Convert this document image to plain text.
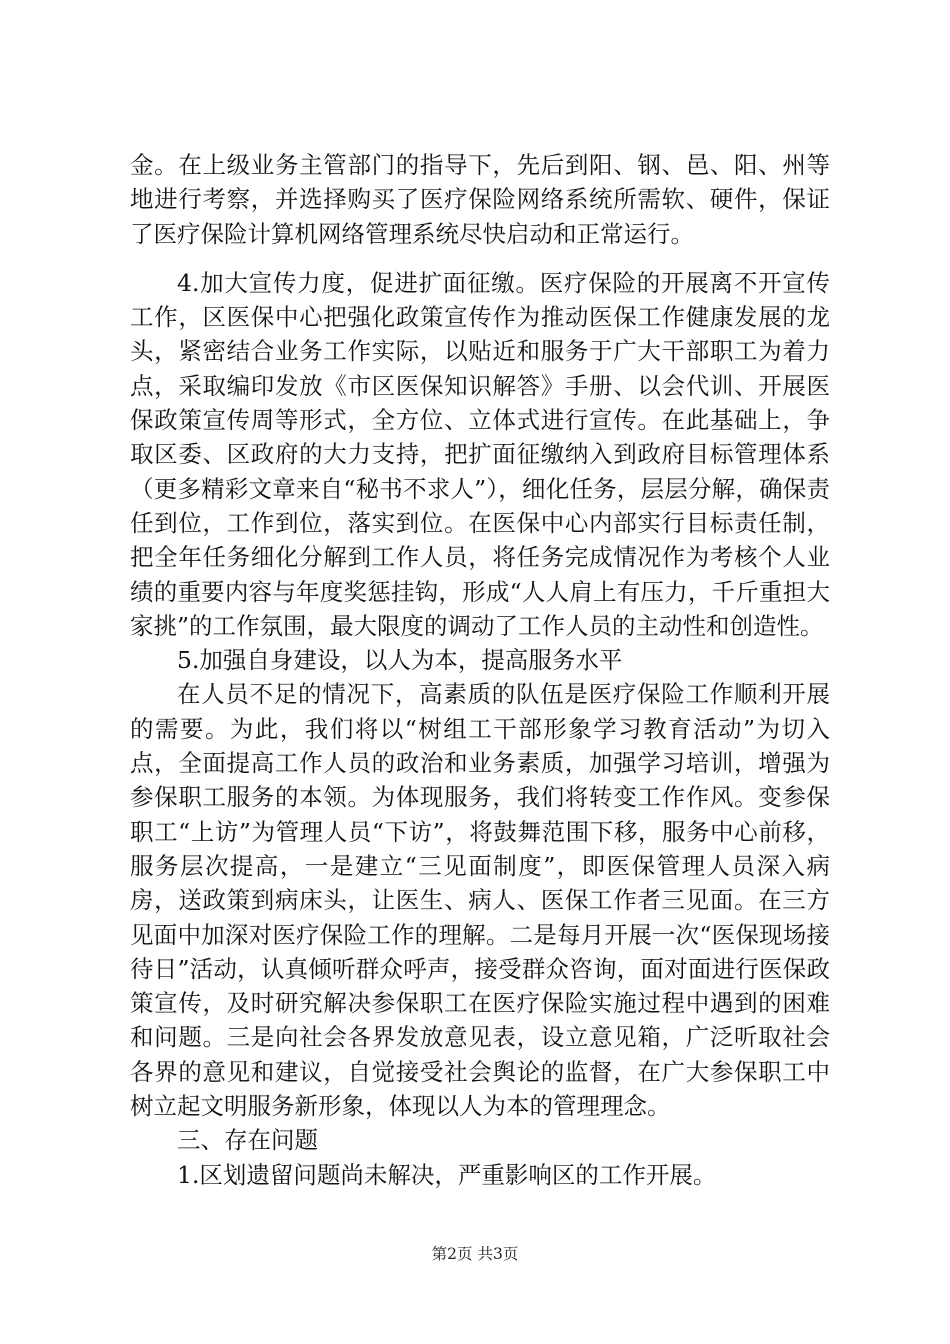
金。在上级业务主管部门的指导下，先后到阳、钢、邑、阳、州等地进行考察，并选择购买了医疗保险网络系统所需软、硬件，保证了医疗保险计算机网络管理系统尽快启动和正常运行。

4.加大宣传力度，促进扩面征缴。医疗保险的开展离不开宣传工作，区医保中心把强化政策宣传作为推动医保工作健康发展的龙头，紧密结合业务工作实际，以贴近和服务于广大干部职工为着力点，采取编印发放《市区医保知识解答》手册、以会代训、开展医保政策宣传周等形式，全方位、立体式进行宣传。在此基础上，争取区委、区政府的大力支持，把扩面征缴纳入到政府目标管理体系（更多精彩文章来自“秘书不求人”），细化任务，层层分解，确保责任到位，工作到位，落实到位。在医保中心内部实行目标责任制，把全年任务细化分解到工作人员，将任务完成情况作为考核个人业绩的重要内容与年度奖惩挂钩，形成“人人肩上有压力，千斤重担大家挑”的工作氛围，最大限度的调动了工作人员的主动性和创造性。

5.加强自身建设，以人为本，提高服务水平

在人员不足的情况下，高素质的队伍是医疗保险工作顺利开展的需要。为此，我们将以“树组工干部形象学习教育活动”为切入点，全面提高工作人员的政治和业务素质，加强学习培训，增强为参保职工服务的本领。为体现服务，我们将转变工作作风。变参保职工“上访”为管理人员“下访”，将鼓舞范围下移，服务中心前移，服务层次提高，一是建立“三见面制度”，即医保管理人员深入病房，送政策到病床头，让医生、病人、医保工作者三见面。在三方见面中加深对医疗保险工作的理解。二是每月开展一次“医保现场接待日”活动，认真倾听群众呼声，接受群众咨询，面对面进行医保政策宣传，及时研究解决参保职工在医疗保险实施过程中遇到的困难和问题。三是向社会各界发放意见表，设立意见箱，广泛听取社会各界的意见和建议，自觉接受社会舆论的监督，在广大参保职工中树立起文明服务新形象，体现以人为本的管理理念。

三、存在问题

1.区划遗留问题尚未解决，严重影响区的工作开展。

第2页 共3页
